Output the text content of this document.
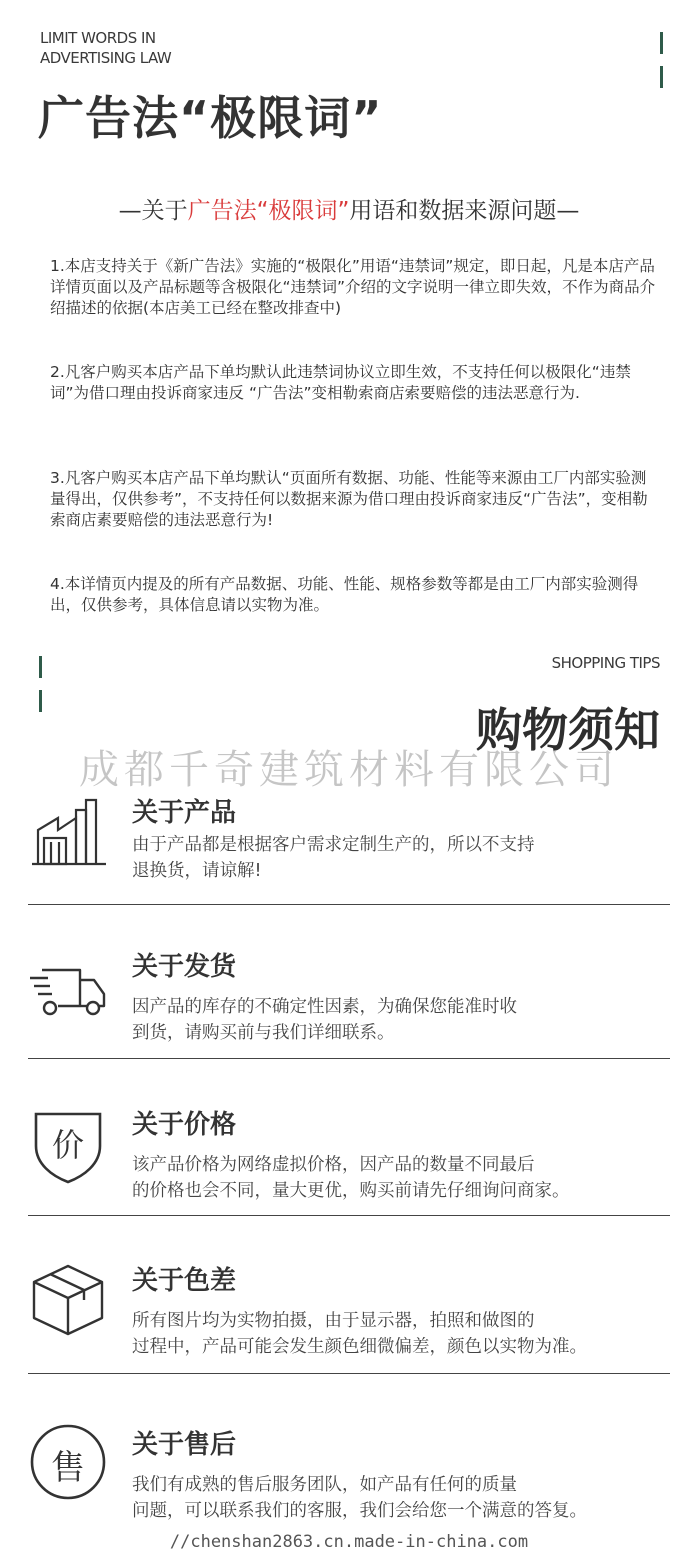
LIMIT WORDS IN
ADVERTISING LAW
广告法“极限词”
—关于广告法“极限词”用语和数据来源问题—
1.本店支持关于《新广告法》实施的“极限化”用语“违禁词”规定，即日起，凡是本店产品详情页面以及产品标题等含极限化“违禁词”介绍的文字说明一律立即失效，不作为商品介绍描述的依据(本店美工已经在整改排查中)
2.凡客户购买本店产品下单均默认此违禁词协议立即生效，不支持任何以极限化“违禁词”为借口理由投诉商家违反 “广告法”变相勒索商店索要赔偿的违法恶意行为.
3.凡客户购买本店产品下单均默认“页面所有数据、功能、性能等来源由工厂内部实验测量得出，仅供参考”，不支持任何以数据来源为借口理由投诉商家违反“广告法”，变相勒索商店素要赔偿的违法恶意行为!
4.本详情页内提及的所有产品数据、功能、性能、规格参数等都是由工厂内部实验测得出，仅供参考，具体信息请以实物为准。
SHOPPING TIPS
购物须知
成都千奇建筑材料有限公司
关于产品
由于产品都是根据客户需求定制生产的，所以不支持
退换货，请谅解!
关于发货
因产品的库存的不确定性因素，为确保您能准时收
到货，请购买前与我们详细联系。
价
关于价格
该产品价格为网络虚拟价格，因产品的数量不同最后
的价格也会不同，量大更优，购买前请先仔细询问商家。
关于色差
所有图片均为实物拍摄，由于显示器，拍照和做图的
过程中，产品可能会发生颜色细微偏差，颜色以实物为准。
售
关于售后
我们有成熟的售后服务团队，如产品有任何的质量
问题，可以联系我们的客服，我们会给您一个满意的答复。
//chenshan2863.cn.made-in-china.com
